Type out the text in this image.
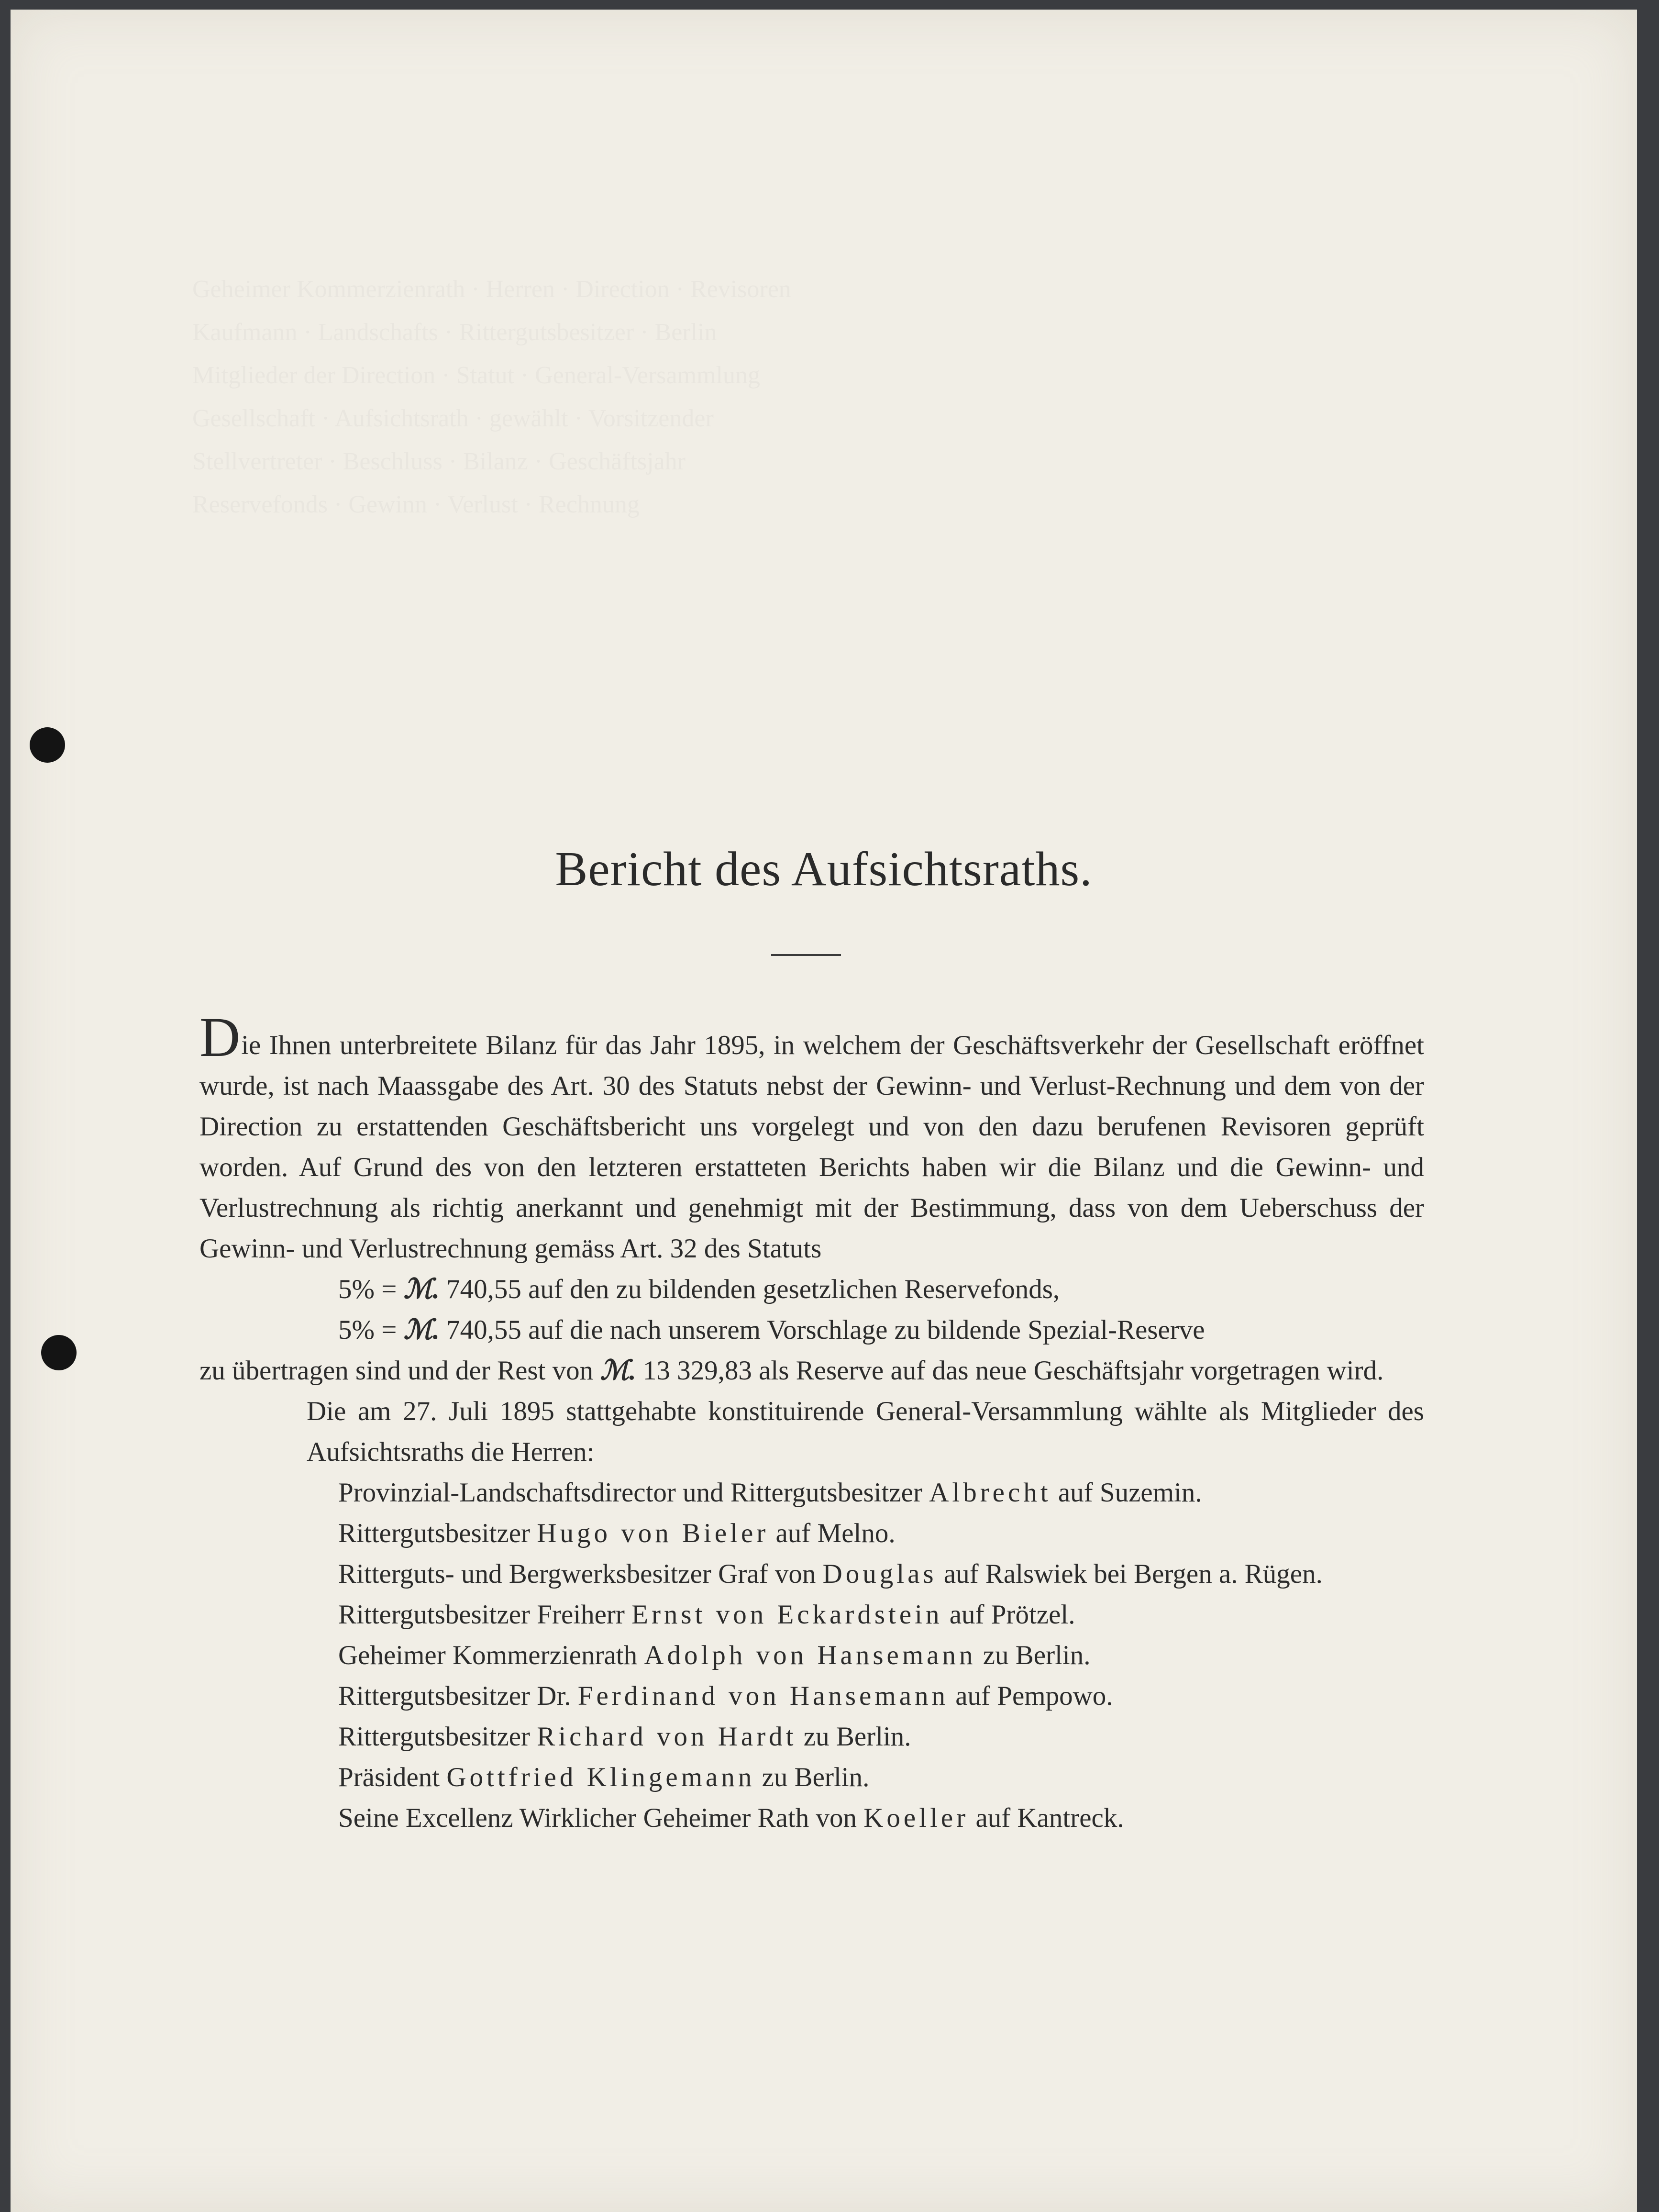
Geheimer Kommerzienrath · Herren · Direction · Revisoren
Kaufmann · Landschafts · Rittergutsbesitzer · Berlin
Mitglieder der Direction · Statut · General-Versammlung
Gesellschaft · Aufsichtsrath · gewählt · Vorsitzender
Stellvertreter · Beschluss · Bilanz · Geschäftsjahr
Reservefonds · Gewinn · Verlust · Rechnung
Bericht des Aufsichtsraths.

Die Ihnen unterbreitete Bilanz für das Jahr 1895, in welchem der Geschäftsverkehr der Gesellschaft eröffnet wurde, ist nach Maassgabe des Art. 30 des Statuts nebst der Gewinn- und Verlust-Rechnung und dem von der Direction zu erstattenden Geschäftsbericht uns vorgelegt und von den dazu berufenen Revisoren geprüft worden. Auf Grund des von den letzteren erstatteten Berichts haben wir die Bilanz und die Gewinn- und Verlustrechnung als richtig anerkannt und genehmigt mit der Bestimmung, dass von dem Ueberschuss der Gewinn- und Verlustrechnung gemäss Art. 32 des Statuts

5% = ℳ. 740,55 auf den zu bildenden gesetzlichen Reservefonds,

5% = ℳ. 740,55 auf die nach unserem Vorschlage zu bildende Spezial-Reserve

zu übertragen sind und der Rest von ℳ. 13 329,83 als Reserve auf das neue Geschäftsjahr vorgetragen wird.

Die am 27. Juli 1895 stattgehabte konstituirende General-Versammlung wählte als Mitglieder des Aufsichtsraths die Herren:

Provinzial-Landschaftsdirector und Rittergutsbesitzer Albrecht auf Suzemin.
Rittergutsbesitzer Hugo von Bieler auf Melno.
Ritterguts- und Bergwerksbesitzer Graf von Douglas auf Ralswiek bei Bergen a. Rügen.
Rittergutsbesitzer Freiherr Ernst von Eckardstein auf Prötzel.
Geheimer Kommerzienrath Adolph von Hansemann zu Berlin.
Rittergutsbesitzer Dr. Ferdinand von Hansemann auf Pempowo.
Rittergutsbesitzer Richard von Hardt zu Berlin.
Präsident Gottfried Klingemann zu Berlin.
Seine Excellenz Wirklicher Geheimer Rath von Koeller auf Kantreck.
